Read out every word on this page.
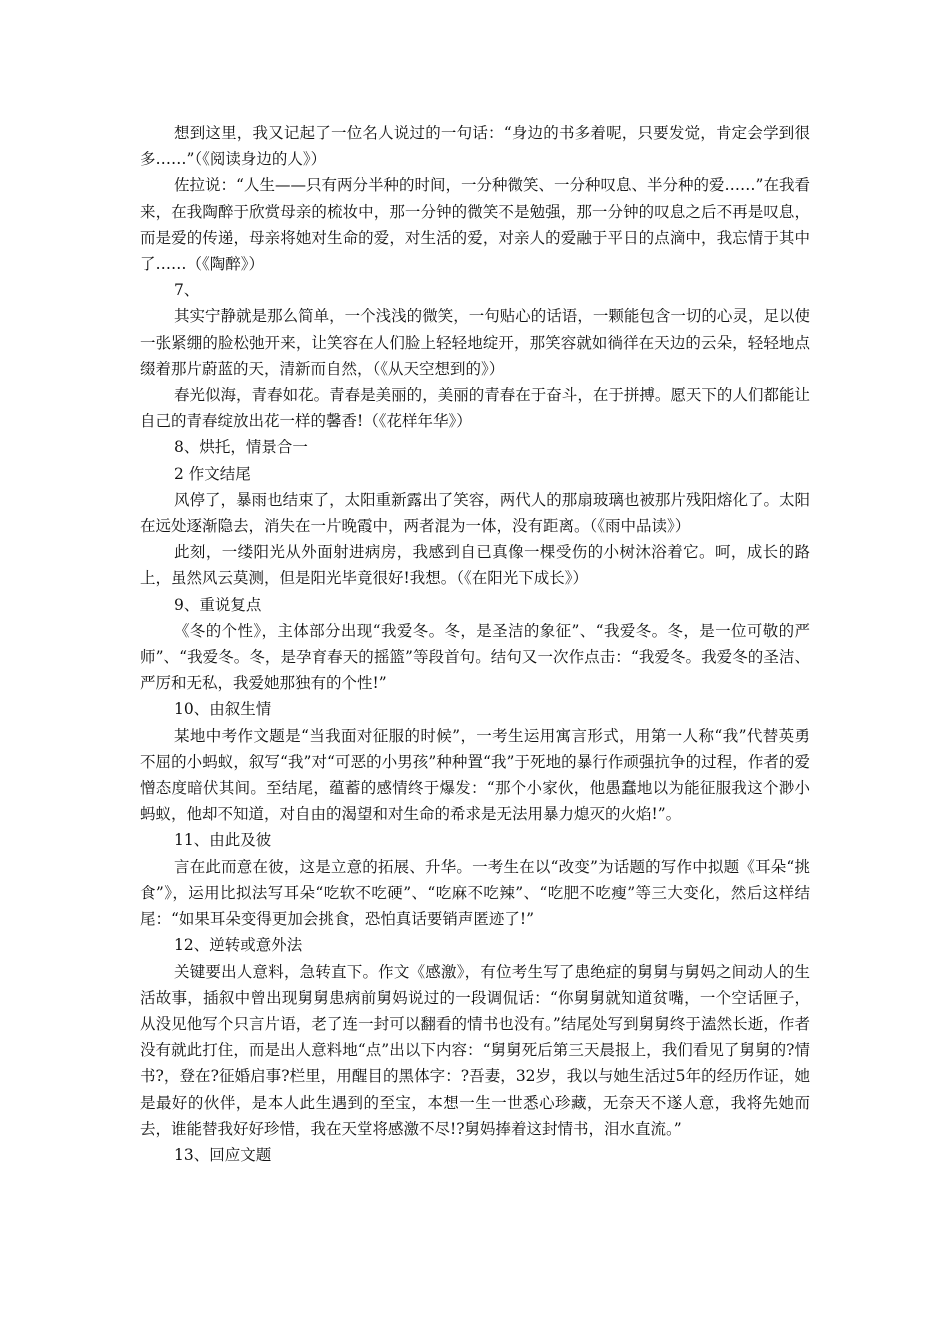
想到这里，我又记起了一位名人说过的一句话：“身边的书多着呢，只要发觉，肯定会学到很多……”（《阅读身边的人》）

佐拉说：“人生——只有两分半种的时间，一分种微笑、一分种叹息、半分种的爱……”在我看来，在我陶醉于欣赏母亲的梳妆中，那一分钟的微笑不是勉强，那一分钟的叹息之后不再是叹息，而是爱的传递，母亲将她对生命的爱，对生活的爱，对亲人的爱融于平日的点滴中，我忘情于其中了……（《陶醉》）

7、

其实宁静就是那么简单，一个浅浅的微笑，一句贴心的话语，一颗能包含一切的心灵，足以使一张紧绷的脸松弛开来，让笑容在人们脸上轻轻地绽开，那笑容就如徜徉在天边的云朵，轻轻地点缀着那片蔚蓝的天，清新而自然，（《从天空想到的》）

春光似海，青春如花。青春是美丽的，美丽的青春在于奋斗，在于拼搏。愿天下的人们都能让自己的青春绽放出花一样的馨香!（《花样年华》）

8、烘托，情景合一

2 作文结尾

风停了，暴雨也结束了，太阳重新露出了笑容，两代人的那扇玻璃也被那片残阳熔化了。太阳在远处逐渐隐去，消失在一片晚霞中，两者混为一体，没有距离。（《雨中品读》）

此刻，一缕阳光从外面射进病房，我感到自已真像一棵受伤的小树沐浴着它。呵，成长的路上，虽然风云莫测，但是阳光毕竟很好!我想。（《在阳光下成长》）

9、重说复点

《冬的个性》，主体部分出现“我爱冬。冬，是圣洁的象征”、“我爱冬。冬，是一位可敬的严师”、“我爱冬。冬，是孕育春天的摇篮”等段首句。结句又一次作点击：“我爱冬。我爱冬的圣洁、严厉和无私，我爱她那独有的个性!”

10、由叙生情

某地中考作文题是“当我面对征服的时候”，一考生运用寓言形式，用第一人称“我”代替英勇不屈的小蚂蚁，叙写“我”对“可恶的小男孩”种种置“我”于死地的暴行作顽强抗争的过程，作者的爱憎态度暗伏其间。至结尾，蕴蓄的感情终于爆发：“那个小家伙，他愚蠢地以为能征服我这个渺小蚂蚁，他却不知道，对自由的渴望和对生命的希求是无法用暴力熄灭的火焰!”。

11、由此及彼

言在此而意在彼，这是立意的拓展、升华。一考生在以“改变”为话题的写作中拟题《耳朵“挑食”》，运用比拟法写耳朵“吃软不吃硬”、“吃麻不吃辣”、“吃肥不吃瘦”等三大变化，然后这样结尾：“如果耳朵变得更加会挑食，恐怕真话要销声匿迹了!”

12、逆转或意外法

关键要出人意料，急转直下。作文《感激》，有位考生写了患绝症的舅舅与舅妈之间动人的生活故事，插叙中曾出现舅舅患病前舅妈说过的一段调侃话：“你舅舅就知道贫嘴，一个空话匣子，从没见他写个只言片语，老了连一封可以翻看的情书也没有。”结尾处写到舅舅终于溘然长逝，作者没有就此打住，而是出人意料地“点”出以下内容：“舅舅死后第三天晨报上，我们看见了舅舅的?情书?，登在?征婚启事?栏里，用醒目的黑体字：?吾妻，32岁，我以与她生活过5年的经历作证，她是最好的伙伴，是本人此生遇到的至宝，本想一生一世悉心珍藏，无奈天不遂人意，我将先她而去，谁能替我好好珍惜，我在天堂将感激不尽!?舅妈捧着这封情书，泪水直流。”

13、回应文题
